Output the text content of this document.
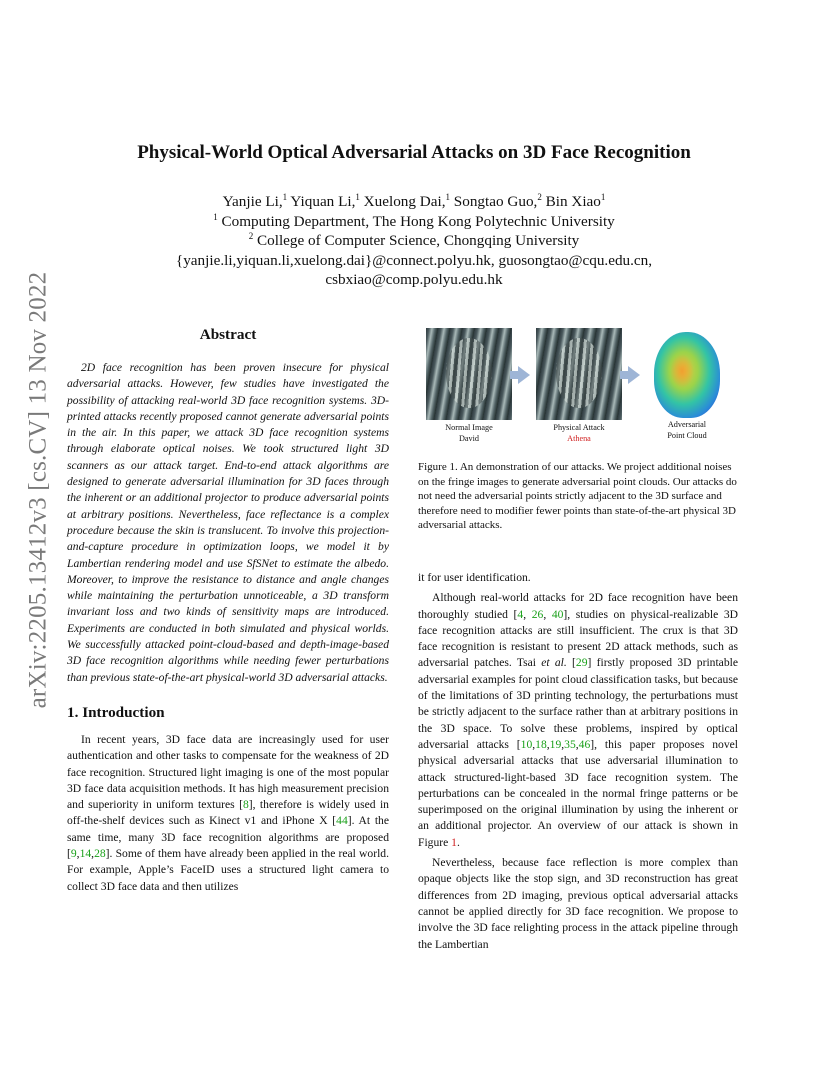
arXiv:2205.13412v3 [cs.CV] 13 Nov 2022
Physical-World Optical Adversarial Attacks on 3D Face Recognition
Yanjie Li,$^1$ Yiquan Li,$^1$ Xuelong Dai,$^1$ Songtao Guo,$^2$ Bin Xiao$^1$
$^1$ Computing Department, The Hong Kong Polytechnic University
$^2$ College of Computer Science, Chongqing University
{yanjie.li,yiquan.li,xuelong.dai}@connect.polyu.hk, guosongtao@cqu.edu.cn,
csbxiao@comp.polyu.edu.hk
Abstract

2D face recognition has been proven insecure for physical adversarial attacks. However, few studies have investigated the possibility of attacking real-world 3D face recognition systems. 3D-printed attacks recently proposed cannot generate adversarial points in the air. In this paper, we attack 3D face recognition systems through elaborate optical noises. We took structured light 3D scanners as our attack target. End-to-end attack algorithms are designed to generate adversarial illumination for 3D faces through the inherent or an additional projector to produce adversarial points at arbitrary positions. Nevertheless, face reflectance is a complex procedure because the skin is translucent. To involve this projection-and-capture procedure in optimization loops, we model it by Lambertian rendering model and use SfSNet to estimate the albedo. Moreover, to improve the resistance to distance and angle changes while maintaining the perturbation unnoticeable, a 3D transform invariant loss and two kinds of sensitivity maps are introduced. Experiments are conducted in both simulated and physical worlds. We successfully attacked point-cloud-based and depth-image-based 3D face recognition algorithms while needing fewer perturbations than previous state-of-the-art physical-world 3D adversarial attacks.

1. Introduction

In recent years, 3D face data are increasingly used for user authentication and other tasks to compensate for the weakness of 2D face recognition. Structured light imaging is one of the most popular 3D face data acquisition methods. It has high measurement precision and superiority in uniform textures [8], therefore is widely used in off-the-shelf devices such as Kinect v1 and iPhone X [44]. At the same time, many 3D face recognition algorithms are proposed [9,14,28]. Some of them have already been applied in the real world. For example, Apple’s FaceID uses a structured light camera to collect 3D face data and then utilizes

Normal Image
David
Physical Attack
Athena
Adversarial
Point Cloud

Figure 1. An demonstration of our attacks. We project additional noises on the fringe images to generate adversarial point clouds. Our attacks do not need the adversarial points strictly adjacent to the 3D surface and therefore need to modifier fewer points than state-of-the-art physical 3D adversarial attacks.

it for user identification.

Although real-world attacks for 2D face recognition have been thoroughly studied [4, 26, 40], studies on physical-realizable 3D face recognition attacks are still insufficient. The crux is that 3D face recognition is resistant to present 2D attack methods, such as adversarial patches. Tsai et al. [29] firstly proposed 3D printable adversarial examples for point cloud classification tasks, but because of the limitations of 3D printing technology, the perturbations must be strictly adjacent to the surface rather than at arbitrary positions in the 3D space. To solve these problems, inspired by optical adversarial attacks [10,18,19,35,46], this paper proposes novel physical adversarial attacks that use adversarial illumination to attack structured-light-based 3D face recognition system. The perturbations can be concealed in the normal fringe patterns or be superimposed on the original illumination by using the inherent or an additional projector. An overview of our attack is shown in Figure 1.

Nevertheless, because face reflection is more complex than opaque objects like the stop sign, and 3D reconstruction has great differences from 2D imaging, previous optical adversarial attacks cannot be applied directly for 3D face recognition. We propose to involve the 3D face relighting process in the attack pipeline through the Lambertian
